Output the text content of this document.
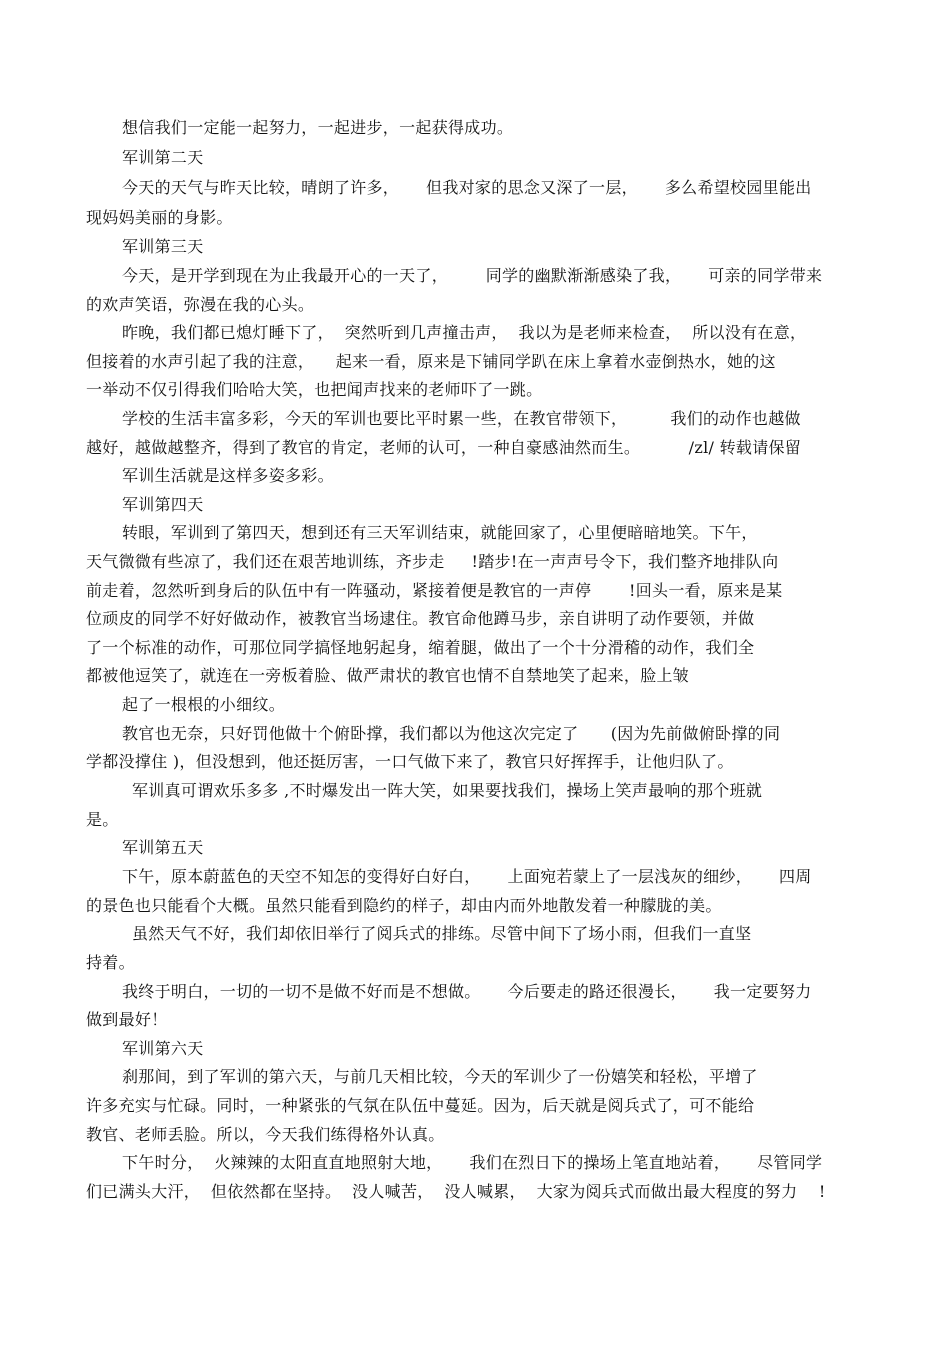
想信我们一定能一起努力，一起进步，一起获得成功。
军训第二天
今天的天气与昨天比较，晴朗了许多，     但我对家的思念又深了一层，     多么希望校园里能出
现妈妈美丽的身影。
军训第三天
今天，是开学到现在为止我最开心的一天了，       同学的幽默渐渐感染了我，     可亲的同学带来
的欢声笑语，弥漫在我的心头。
昨晚，我们都已熄灯睡下了，  突然听到几声撞击声，  我以为是老师来检查，  所以没有在意，
但接着的水声引起了我的注意，    起来一看，原来是下铺同学趴在床上拿着水壶倒热水，她的这
一举动不仅引得我们哈哈大笑，也把闻声找来的老师吓了一跳。
学校的生活丰富多彩，今天的军训也要比平时累一些，在教官带领下，        我们的动作也越做
越好，越做越整齐，得到了教官的肯定，老师的认可，一种自豪感油然而生。         /zl/ 转载请保留
军训生活就是这样多姿多彩。
军训第四天
转眼，军训到了第四天，想到还有三天军训结束，就能回家了，心里便暗暗地笑。下午，
天气微微有些凉了，我们还在艰苦地训练，齐步走     !踏步!在一声声号令下，我们整齐地排队向
前走着，忽然听到身后的队伍中有一阵骚动，紧接着便是教官的一声停       !回头一看，原来是某
位顽皮的同学不好好做动作，被教官当场逮住。教官命他蹲马步，亲自讲明了动作要领，并做
了一个标准的动作，可那位同学搞怪地躬起身，缩着腿，做出了一个十分滑稽的动作，我们全
都被他逗笑了，就连在一旁板着脸、做严肃状的教官也情不自禁地笑了起来，脸上皱
起了一根根的小细纹。
教官也无奈，只好罚他做十个俯卧撑，我们都以为他这次完定了      (因为先前做俯卧撑的同
学都没撑住 )，但没想到，他还挺厉害，一口气做下来了，教官只好挥挥手，让他归队了。
军训真可谓欢乐多多 ,不时爆发出一阵大笑，如果要找我们，操场上笑声最响的那个班就
是。
军训第五天
下午，原本蔚蓝色的天空不知怎的变得好白好白，     上面宛若蒙上了一层浅灰的细纱，     四周
的景色也只能看个大概。虽然只能看到隐约的样子，却由内而外地散发着一种朦胧的美。
虽然天气不好，我们却依旧举行了阅兵式的排练。尽管中间下了场小雨，但我们一直坚
持着。
我终于明白，一切的一切不是做不好而是不想做。     今后要走的路还很漫长，     我一定要努力
做到最好！
军训第六天
刹那间，到了军训的第六天，与前几天相比较，今天的军训少了一份嬉笑和轻松，平增了
许多充实与忙碌。同时，一种紧张的气氛在队伍中蔓延。因为，后天就是阅兵式了，可不能给
教官、老师丢脸。所以，今天我们练得格外认真。
下午时分，  火辣辣的太阳直直地照射大地，     我们在烈日下的操场上笔直地站着，     尽管同学
们已满头大汗，  但依然都在坚持。  没人喊苦，  没人喊累，  大家为阅兵式而做出最大程度的努力    !
